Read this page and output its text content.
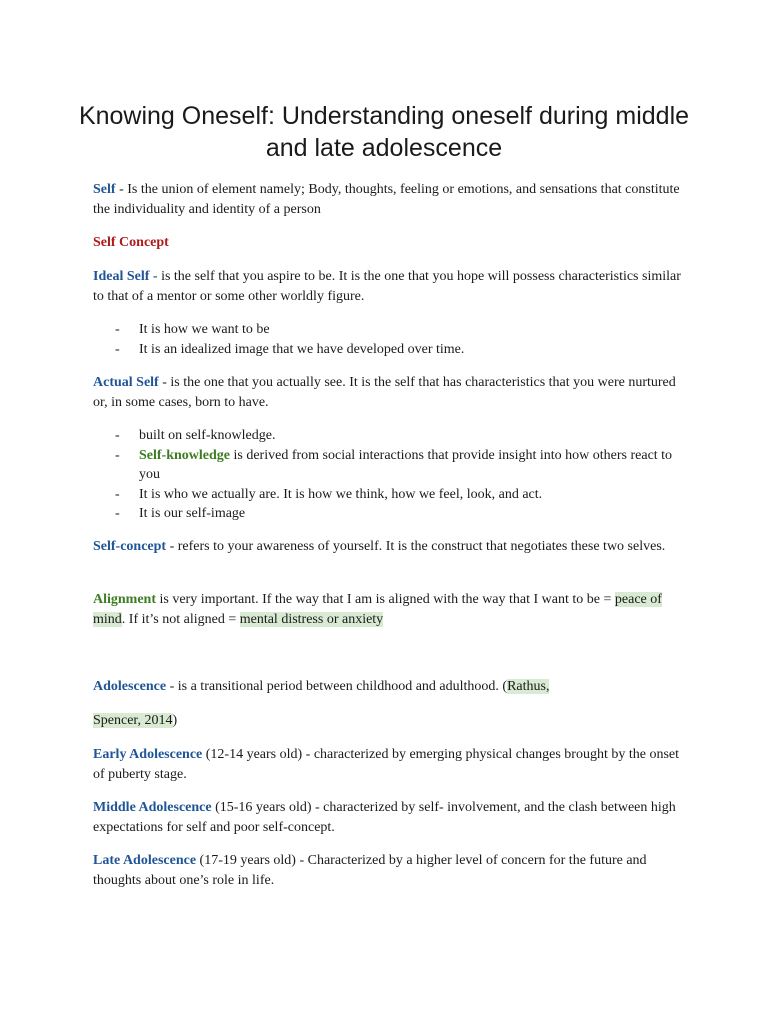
Knowing Oneself: Understanding oneself during middle and late adolescence

Self - Is the union of element namely; Body, thoughts, feeling or emotions, and sensations that constitute the individuality and identity of a person

Self Concept

Ideal Self - is the self that you aspire to be. It is the one that you hope will possess characteristics similar to that of a mentor or some other worldly figure.

- It is how we want to be
- It is an idealized image that we have developed over time.

Actual Self - is the one that you actually see. It is the self that has characteristics that you were nurtured or, in some cases, born to have.

- built on self-knowledge.
- Self-knowledge is derived from social interactions that provide insight into how others react to you
- It is who we actually are. It is how we think, how we feel, look, and act.
- It is our self-image

Self-concept - refers to your awareness of yourself. It is the construct that negotiates these two selves.

Alignment is very important. If the way that I am is aligned with the way that I want to be = peace of mind. If it’s not aligned = mental distress or anxiety

Adolescence - is a transitional period between childhood and adulthood. (Rathus,

Spencer, 2014)

Early Adolescence (12-14 years old) - characterized by emerging physical changes brought by the onset of puberty stage.

Middle Adolescence (15-16 years old) - characterized by self- involvement, and the clash between high expectations for self and poor self-concept.

Late Adolescence (17-19 years old) - Characterized by a higher level of concern for the future and thoughts about one’s role in life.
